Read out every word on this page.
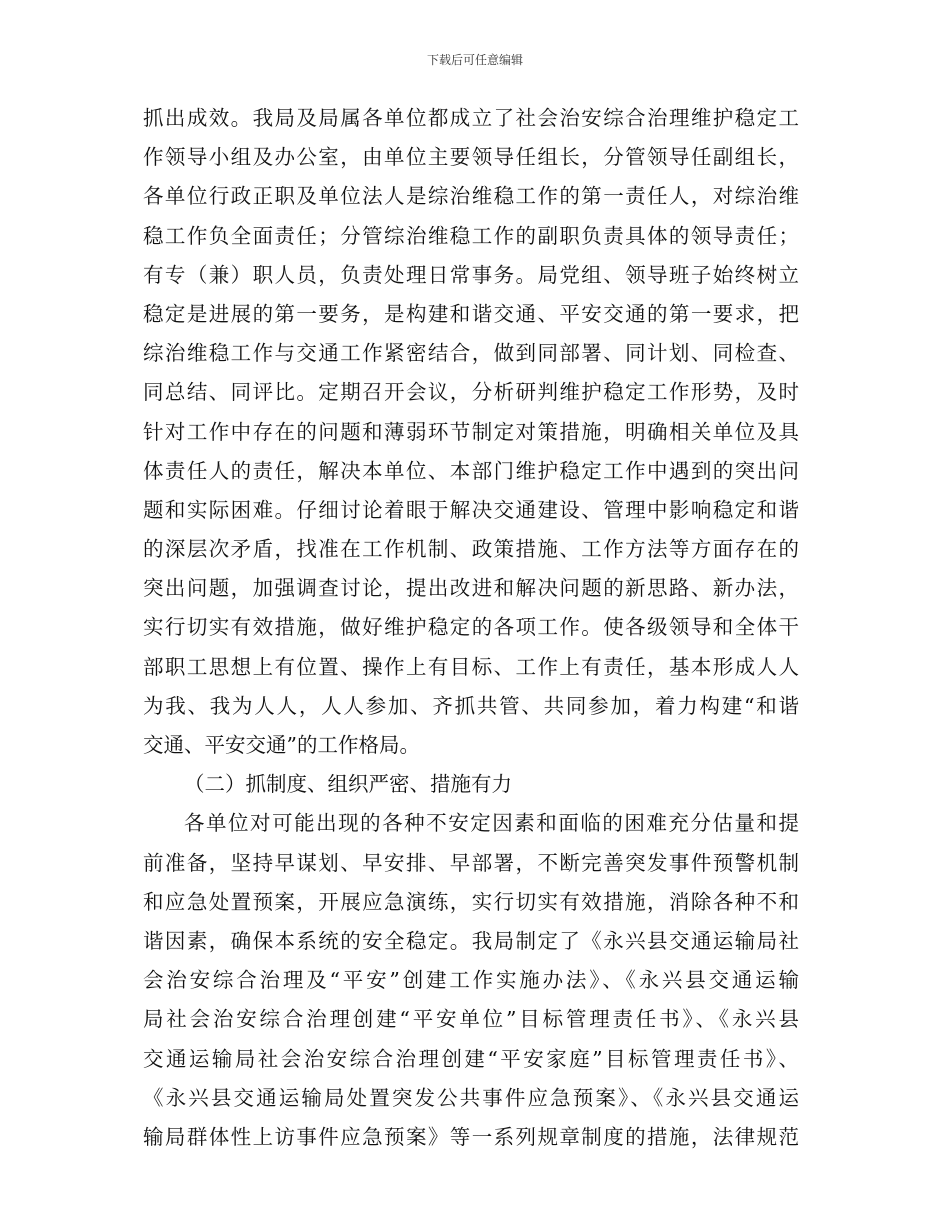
下载后可任意编辑
抓出成效。我局及局属各单位都成立了社会治安综合治理维护稳定工
作领导小组及办公室，由单位主要领导任组长，分管领导任副组长，
各单位行政正职及单位法人是综治维稳工作的第一责任人，对综治维
稳工作负全面责任；分管综治维稳工作的副职负责具体的领导责任；
有专（兼）职人员，负责处理日常事务。局党组、领导班子始终树立
稳定是进展的第一要务，是构建和谐交通、平安交通的第一要求，把
综治维稳工作与交通工作紧密结合，做到同部署、同计划、同检查、
同总结、同评比。定期召开会议，分析研判维护稳定工作形势，及时
针对工作中存在的问题和薄弱环节制定对策措施，明确相关单位及具
体责任人的责任，解决本单位、本部门维护稳定工作中遇到的突出问
题和实际困难。仔细讨论着眼于解决交通建设、管理中影响稳定和谐
的深层次矛盾，找准在工作机制、政策措施、工作方法等方面存在的
突出问题，加强调查讨论，提出改进和解决问题的新思路、新办法，
实行切实有效措施，做好维护稳定的各项工作。使各级领导和全体干
部职工思想上有位置、操作上有目标、工作上有责任，基本形成人人
为我、我为人人，人人参加、齐抓共管、共同参加，着力构建“和谐
交通、平安交通”的工作格局。
（二）抓制度、组织严密、措施有力
各单位对可能出现的各种不安定因素和面临的困难充分估量和提
前准备，坚持早谋划、早安排、早部署，不断完善突发事件预警机制
和应急处置预案，开展应急演练，实行切实有效措施，消除各种不和
谐因素，确保本系统的安全稳定。我局制定了《永兴县交通运输局社
会治安综合治理及“平安”创建工作实施办法》、《永兴县交通运输
局社会治安综合治理创建“平安单位”目标管理责任书》、《永兴县
交通运输局社会治安综合治理创建“平安家庭”目标管理责任书》、
《永兴县交通运输局处置突发公共事件应急预案》、《永兴县交通运
输局群体性上访事件应急预案》等一系列规章制度的措施，法律规范
